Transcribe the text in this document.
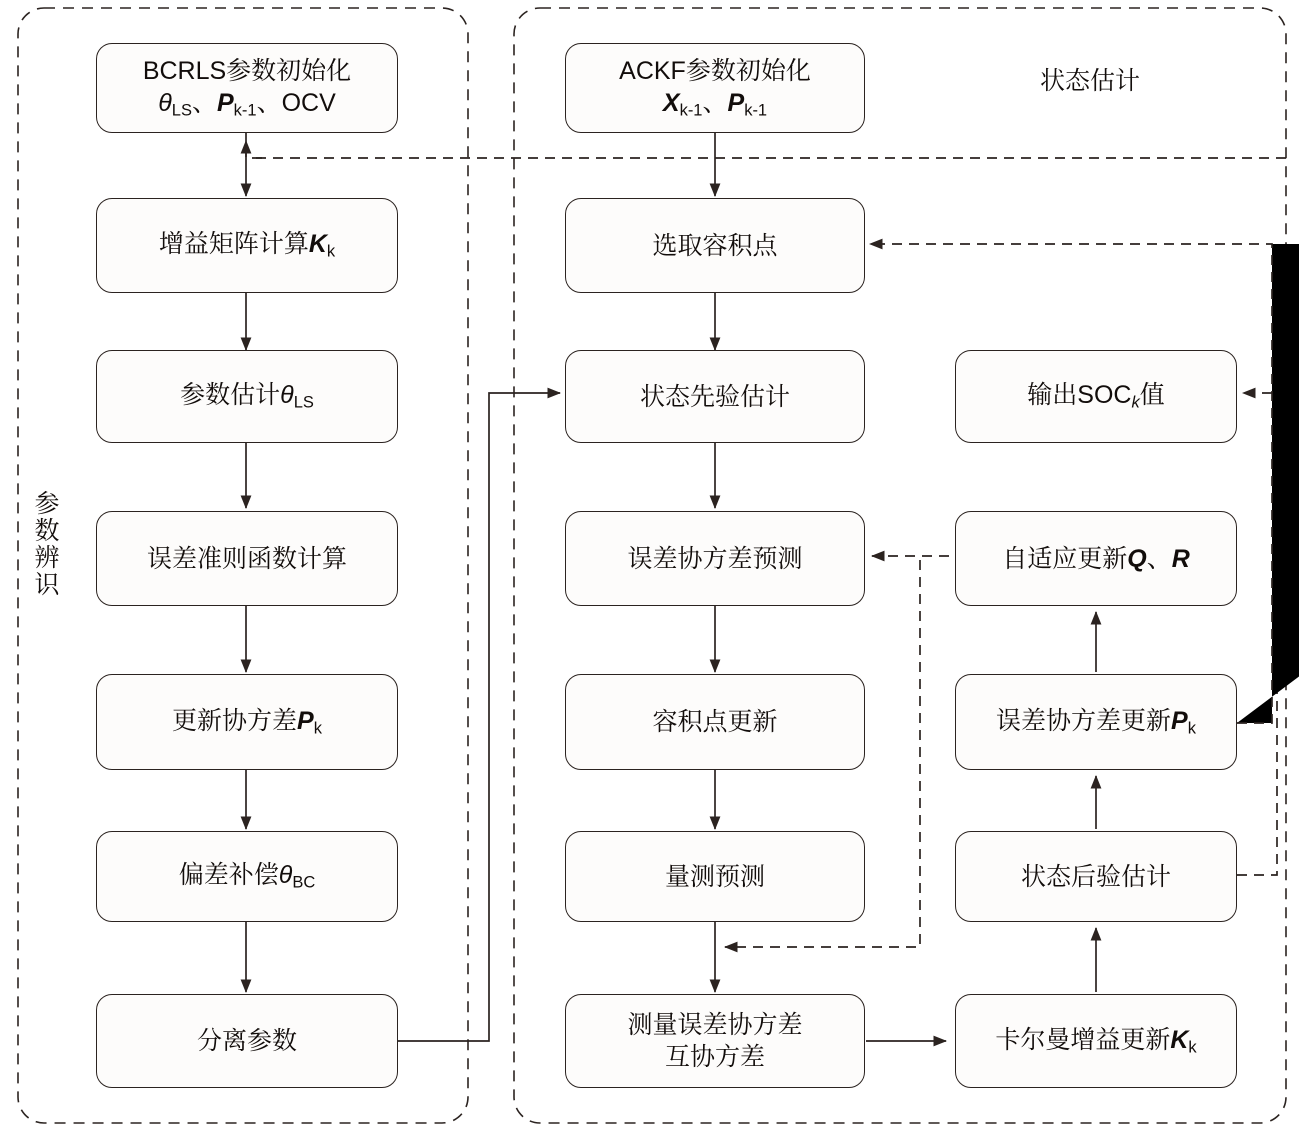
参数辨识
状态估计
BCRLS参数初始化
$\theta_{LS}$、$P_{k-1}$、OCV
增益矩阵计算$K_k$
参数估计$\theta_{LS}$
误差准则函数计算
更新协方差$P_k$
偏差补偿$\theta_{BC}$
分离参数
ACKF参数初始化
$X_{k-1}$、$P_{k-1}$
选取容积点
状态先验估计
误差协方差预测
容积点更新
量测预测
测量误差协方差
互协方差
输出$SOC_k$值
自适应更新Q、R
误差协方差更新$P_k$
状态后验估计
卡尔曼增益更新$K_k$
